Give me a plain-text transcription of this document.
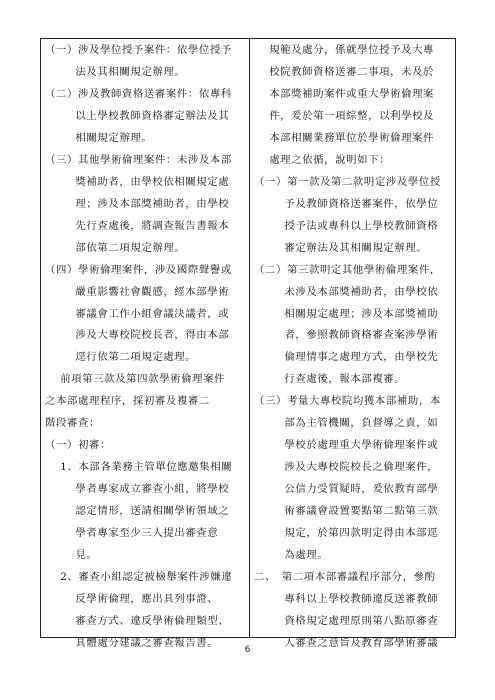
（一）涉及學位授予案件：依學位授予
法及其相關規定辦理。
（二）涉及教師資格送審案件：依專科
以上學校教師資格審定辦法及其
相關規定辦理。
（三）其他學術倫理案件：未涉及本部
獎補助者，由學校依相關規定處
理；涉及本部獎補助者，由學校
先行查處後，將調查報告書報本
部依第二項規定辦理。
（四）學術倫理案件，涉及國際聲譽或
嚴重影響社會觀感，經本部學術
審議會工作小組會議決議者，或
涉及大專校院校長者，得由本部
逕行依第二項規定處理。
前項第三款及第四款學術倫理案件
之本部處理程序，採初審及複審二
階段審查：
（一）初審：
1、本部各業務主管單位應邀集相關
學者專家成立審查小組，將學校
認定情形，送請相關學術領域之
學者專家至少三人提出審查意
見。
2、審查小組認定被檢舉案件涉嫌違
反學術倫理，應出具列事證、
審查方式、違反學術倫理類型、
具體處分建議之審查報告書。
規範及處分，係就學位授予及大專
校院教師資格送審二事項，未及於
本部獎補助案件或重大學術倫理案
件，爰於第一項綜整，以利學校及
本部相關業務單位於學術倫理案件
處理之依循，說明如下：
（一）第一款及第二款明定涉及學位授
予及教師資格送審案件，依學位
授予法或專科以上學校教師資格
審定辦法及其相關規定辦理。
（二）第三款明定其他學術倫理案件，
未涉及本部獎補助者，由學校依
相關規定處理；涉及本部獎補助
者，參照教師資格審查案涉學術
倫理情事之處理方式，由學校先
行查處後，報本部複審。
（三）考量大專校院均獲本部補助，本
部為主管機關，負督導之責，如
學校於處理重大學術倫理案件或
涉及大專校院校長之倫理案件，
公信力受質疑時，爰依教育部學
術審議會設置要點第二點第三款
規定，於第四款明定得由本部逕
為處理。
二、　第二項本部審議程序部分，參酌
專科以上學校教師違反送審教師
資格規定處理原則第八點原審查
人審查之意旨及教育部學術審議
6
